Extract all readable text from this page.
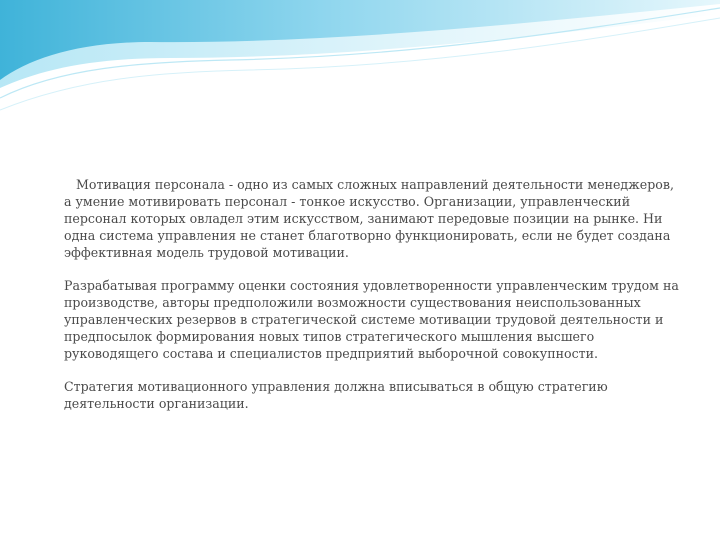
Мотивация персонала - одно из самых сложных направлений деятельности менеджеров, а умение мотивировать персонал - тонкое искусство. Организации, управленческий персонал которых овладел этим искусством, занимают передовые позиции на рынке. Ни одна система управления не станет благотворно функционировать, если не будет создана эффективная модель трудовой мотивации.

Разрабатывая программу оценки состояния удовлетворенности управленческим трудом на производстве, авторы предположили возможности существования неиспользованных управленческих резервов в стратегической системе мотивации трудовой деятельности и предпосылок формирования новых типов стратегического мышления высшего руководящего состава и специалистов предприятий выборочной совокупности.

Стратегия мотивационного управления должна вписываться в общую стратегию деятельности организации.
